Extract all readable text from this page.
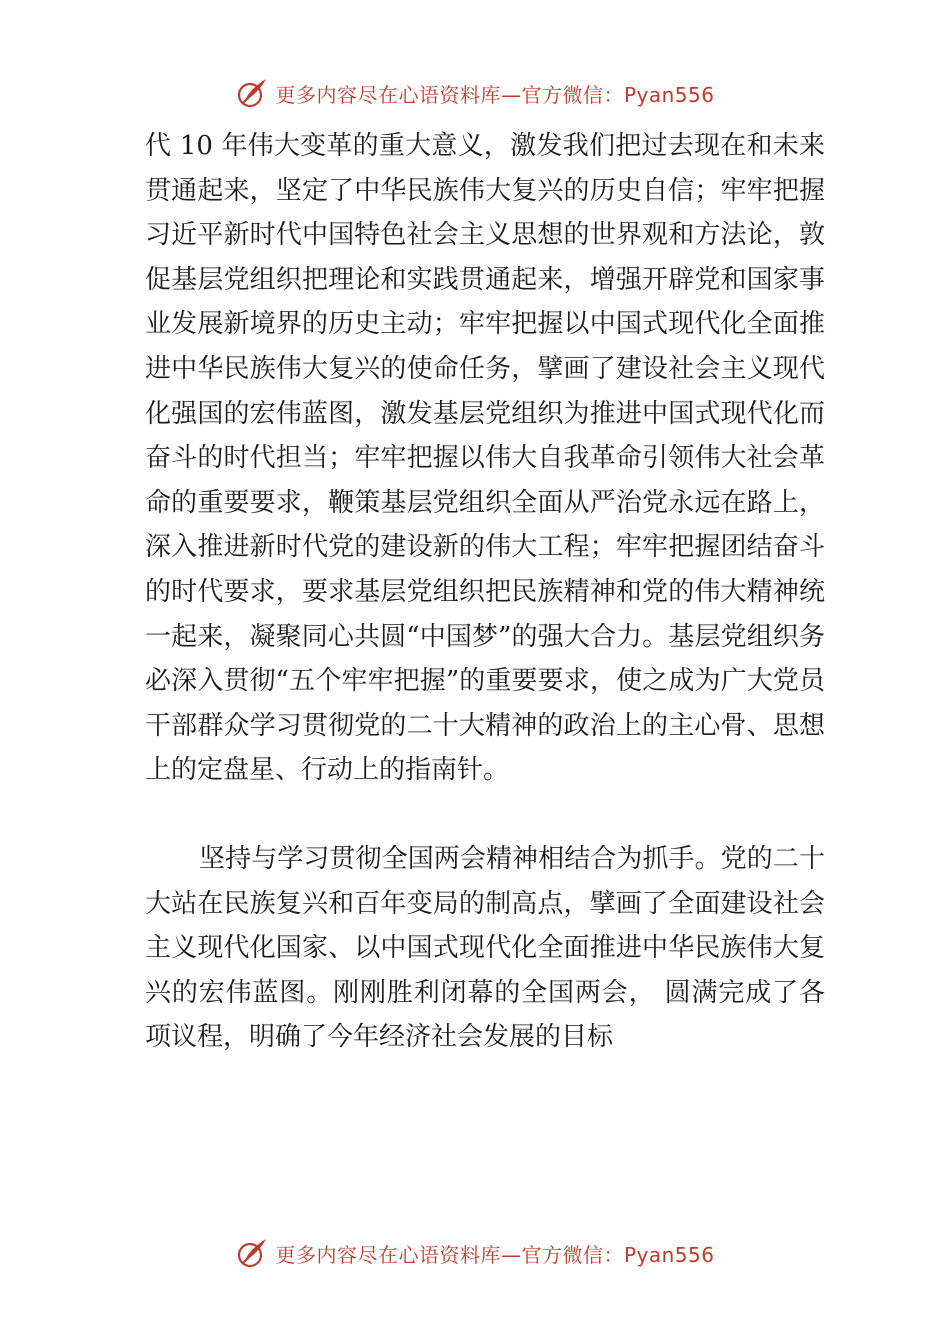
更多内容尽在心语资料库—官方微信：Pyan556

代 10 年伟大变革的重大意义，激发我们把过去现在和未来贯通起来，坚定了中华民族伟大复兴的历史自信；牢牢把握习近平新时代中国特色社会主义思想的世界观和方法论，敦促基层党组织把理论和实践贯通起来，增强开辟党和国家事业发展新境界的历史主动；牢牢把握以中国式现代化全面推进中华民族伟大复兴的使命任务，擘画了建设社会主义现代化强国的宏伟蓝图，激发基层党组织为推进中国式现代化而奋斗的时代担当；牢牢把握以伟大自我革命引领伟大社会革命的重要要求，鞭策基层党组织全面从严治党永远在路上，深入推进新时代党的建设新的伟大工程；牢牢把握团结奋斗的时代要求，要求基层党组织把民族精神和党的伟大精神统一起来，凝聚同心共圆“中国梦”的强大合力。基层党组织务必深入贯彻“五个牢牢把握”的重要要求，使之成为广大党员干部群众学习贯彻党的二十大精神的政治上的主心骨、思想上的定盘星、行动上的指南针。

坚持与学习贯彻全国两会精神相结合为抓手。党的二十大站在民族复兴和百年变局的制高点，擘画了全面建设社会主义现代化国家、以中国式现代化全面推进中华民族伟大复兴的宏伟蓝图。刚刚胜利闭幕的全国两会， 圆满完成了各项议程，明确了今年经济社会发展的目标

更多内容尽在心语资料库—官方微信：Pyan556
